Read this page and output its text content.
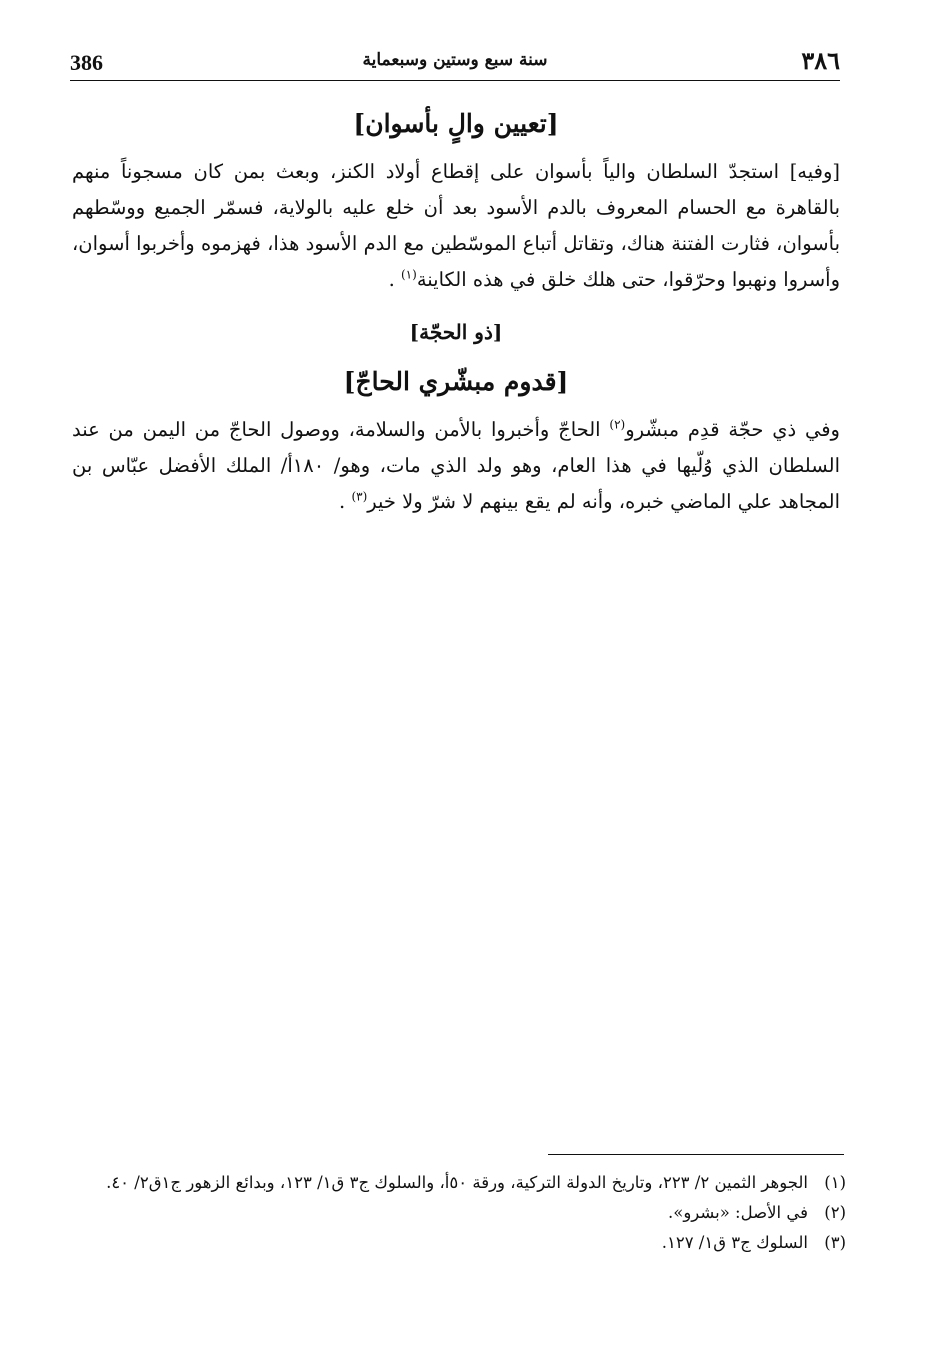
386	سنة سبع وستين وسبعماية	٣٨٦
[تعيين والٍ بأسوان]

[وفيه] استجدّ السلطان والياً بأسوان على إقطاع أولاد الكنز، وبعث بمن كان مسجوناً منهم بالقاهرة مع الحسام المعروف بالدم الأسود بعد أن خلع عليه بالولاية، فسمّر الجميع ووسّطهم بأسوان، فثارت الفتنة هناك، وتقاتل أتباع الموسّطين مع الدم الأسود هذا، فهزموه وأخربوا أسوان، وأسروا ونهبوا وحرّقوا، حتى هلك خلق في هذه الكاينة$^{(١)}$ .

[ذو الحجّة]
[قدوم مبشّري الحاجّ]

وفي ذي حجّة قدِم مبشّرو$^{(٢)}$ الحاجّ وأخبروا بالأمن والسلامة، ووصول الحاجّ من اليمن من عند السلطان الذي وُلّيها في هذا العام، وهو ولد الذي مات، وهو/ ١٨٠أ/ الملك الأفضل عبّاس بن المجاهد علي الماضي خبره، وأنه لم يقع بينهم لا شرّ ولا خير$^{(٣)}$ .

(١)
الجوهر الثمين ٢/ ٢٢٣، وتاريخ الدولة التركية، ورقة ٥٠أ، والسلوك ج٣ ق١/ ١٢٣، وبدائع الزهور ج١ق٢/ ٤٠.
(٢)
في الأصل: «بشرو».
(٣)
السلوك ج٣ ق١/ ١٢٧.
